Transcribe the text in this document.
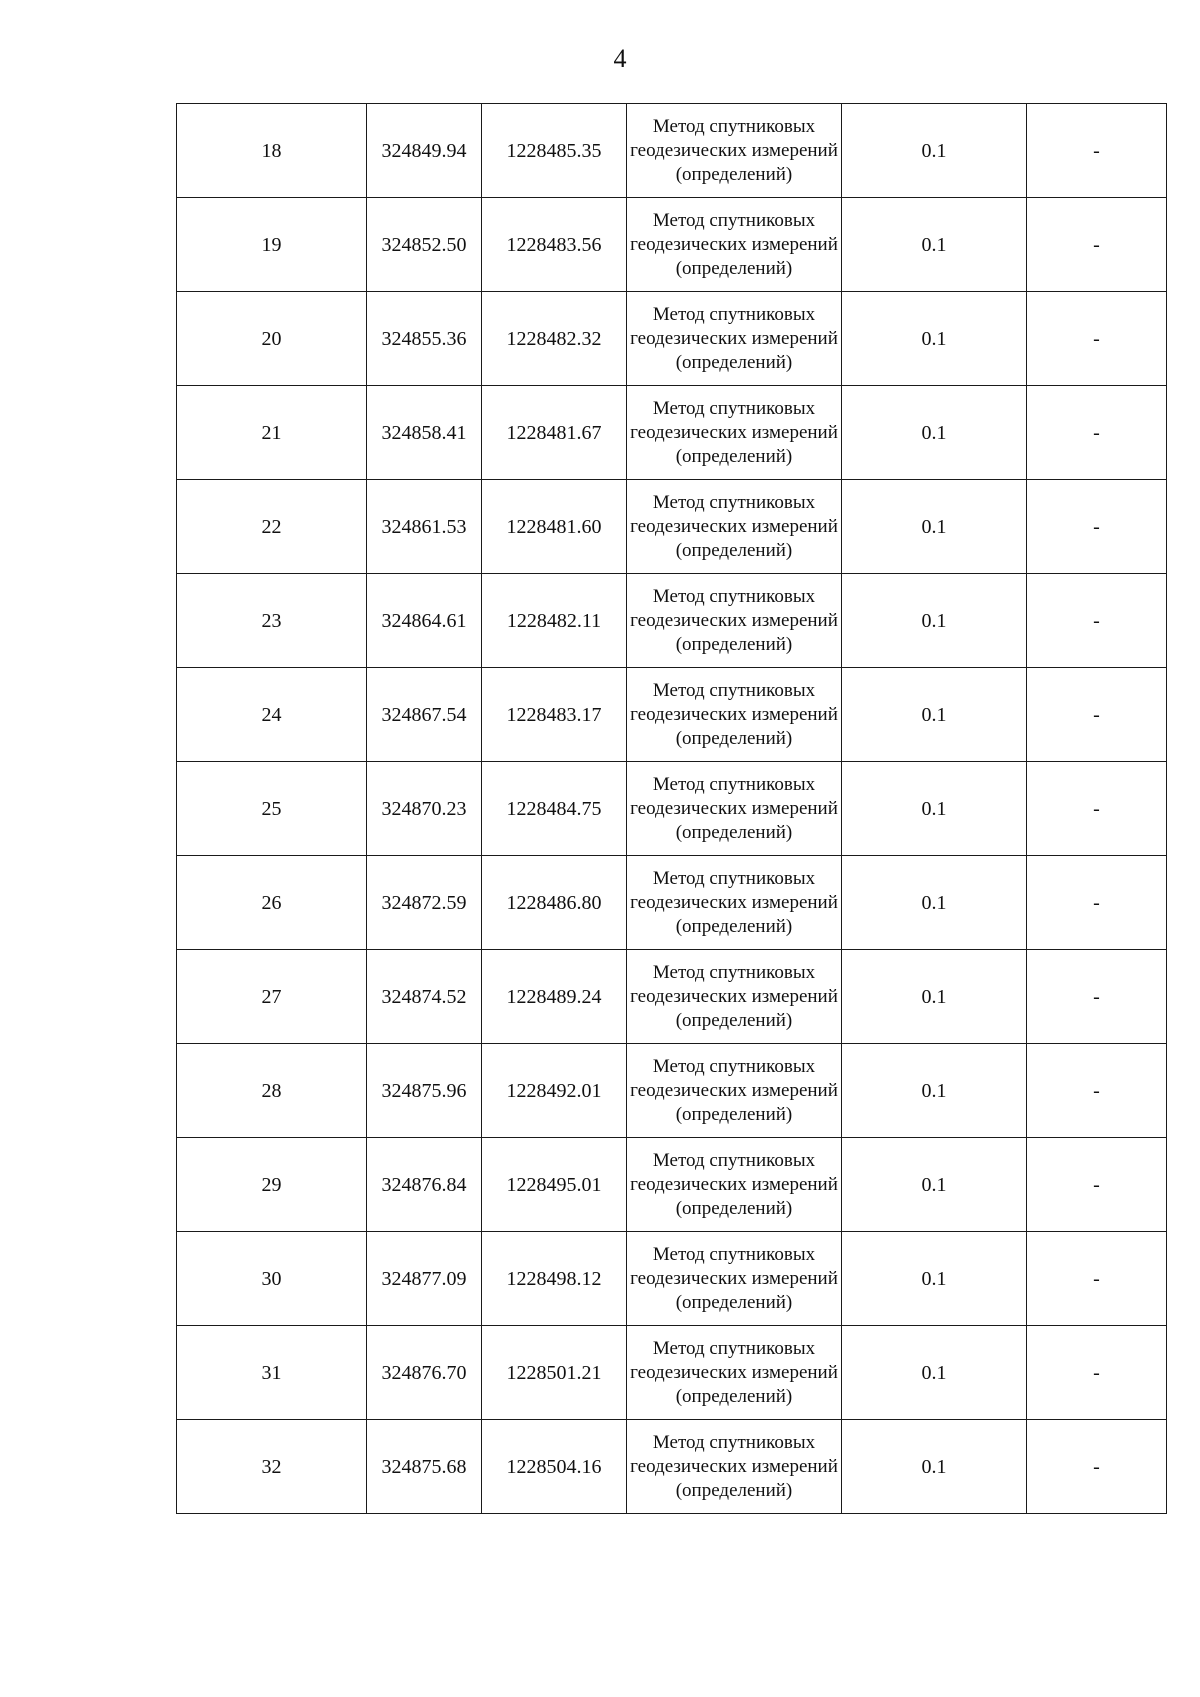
4
18	324849.94	1228485.35	Метод спутниковых геодезических измерений (определений)	0.1	-
19	324852.50	1228483.56	Метод спутниковых геодезических измерений (определений)	0.1	-
20	324855.36	1228482.32	Метод спутниковых геодезических измерений (определений)	0.1	-
21	324858.41	1228481.67	Метод спутниковых геодезических измерений (определений)	0.1	-
22	324861.53	1228481.60	Метод спутниковых геодезических измерений (определений)	0.1	-
23	324864.61	1228482.11	Метод спутниковых геодезических измерений (определений)	0.1	-
24	324867.54	1228483.17	Метод спутниковых геодезических измерений (определений)	0.1	-
25	324870.23	1228484.75	Метод спутниковых геодезических измерений (определений)	0.1	-
26	324872.59	1228486.80	Метод спутниковых геодезических измерений (определений)	0.1	-
27	324874.52	1228489.24	Метод спутниковых геодезических измерений (определений)	0.1	-
28	324875.96	1228492.01	Метод спутниковых геодезических измерений (определений)	0.1	-
29	324876.84	1228495.01	Метод спутниковых геодезических измерений (определений)	0.1	-
30	324877.09	1228498.12	Метод спутниковых геодезических измерений (определений)	0.1	-
31	324876.70	1228501.21	Метод спутниковых геодезических измерений (определений)	0.1	-
32	324875.68	1228504.16	Метод спутниковых геодезических измерений (определений)	0.1	-
